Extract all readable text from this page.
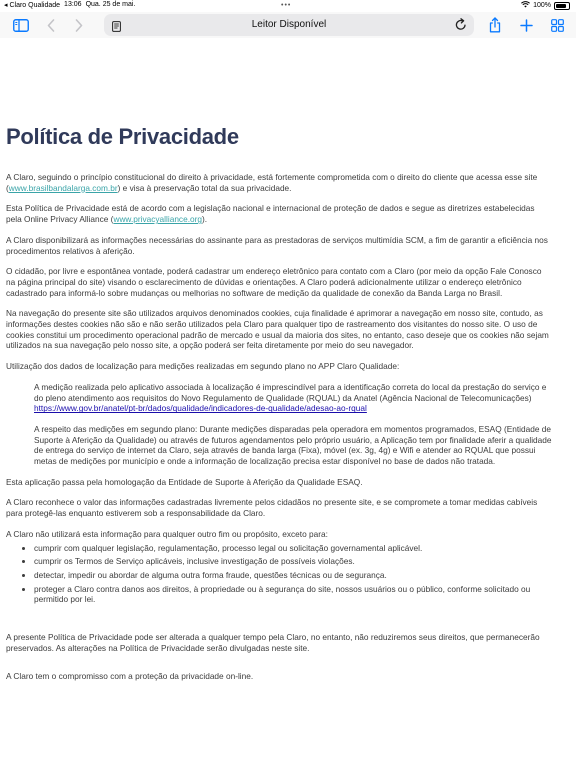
◂ Claro Qualidade 13:06 Qua. 25 de mai.	•••	100%
Leitor Disponível
Política de Privacidade

A Claro, seguindo o princípio constitucional do direito à privacidade, está fortemente comprometida com o direito do cliente que acessa esse site (www.brasilbandalarga.com.br) e visa à preservação total da sua privacidade.

Esta Política de Privacidade está de acordo com a legislação nacional e internacional de proteção de dados e segue as diretrizes estabelecidas pela Online Privacy Alliance (www.privacyalliance.org).

A Claro disponibilizará as informações necessárias do assinante para as prestadoras de serviços multimídia SCM, a fim de garantir a eficiência nos procedimentos relativos à aferição.

O cidadão, por livre e espontânea vontade, poderá cadastrar um endereço eletrônico para contato com a Claro (por meio da opção Fale Conosco na página principal do site) visando o esclarecimento de dúvidas e orientações. A Claro poderá adicionalmente utilizar o endereço eletrônico cadastrado para informá-lo sobre mudanças ou melhorias no software de medição da qualidade de conexão da Banda Larga no Brasil.

Na navegação do presente site são utilizados arquivos denominados cookies, cuja finalidade é aprimorar a navegação em nosso site, contudo, as informações destes cookies não são e não serão utilizados pela Claro para qualquer tipo de rastreamento dos visitantes do nosso site. O uso de cookies constitui um procedimento operacional padrão de mercado e usual da maioria dos sites, no entanto, caso deseje que os cookies não sejam utilizados na sua navegação pelo nosso site, a opção poderá ser feita diretamente por meio do seu navegador.

Utilização dos dados de localização para medições realizadas em segundo plano no APP Claro Qualidade:

A medição realizada pelo aplicativo associada à localização é imprescindível para a identificação correta do local da prestação do serviço e do pleno atendimento aos requisitos do Novo Regulamento de Qualidade (RQUAL) da Anatel (Agência Nacional de Telecomunicações) https://www.gov.br/anatel/pt-br/dados/qualidade/indicadores-de-qualidade/adesao-ao-rqual

A respeito das medições em segundo plano: Durante medições disparadas pela operadora em momentos programados, ESAQ (Entidade de Suporte à Aferição da Qualidade) ou através de futuros agendamentos pelo próprio usuário, a Aplicação tem por finalidade aferir a qualidade de entrega do serviço de internet da Claro, seja através de banda larga (Fixa), móvel (ex. 3g, 4g) e Wifi e atender ao RQUAL que possui metas de medições por município e onde a informação de localização precisa estar disponível no base de dados não tratada.

Esta aplicação passa pela homologação da Entidade de Suporte à Aferição da Qualidade ESAQ.

A Claro reconhece o valor das informações cadastradas livremente pelos cidadãos no presente site, e se compromete a tomar medidas cabíveis para protegê-las enquanto estiverem sob a responsabilidade da Claro.

A Claro não utilizará esta informação para qualquer outro fim ou propósito, exceto para:

• cumprir com qualquer legislação, regulamentação, processo legal ou solicitação governamental aplicável.
• cumprir os Termos de Serviço aplicáveis, inclusive investigação de possíveis violações.
• detectar, impedir ou abordar de alguma outra forma fraude, questões técnicas ou de segurança.
• proteger a Claro contra danos aos direitos, à propriedade ou à segurança do site, nossos usuários ou o público, conforme solicitado ou permitido por lei.

A presente Política de Privacidade pode ser alterada a qualquer tempo pela Claro, no entanto, não reduziremos seus direitos, que permanecerão preservados. As alterações na Política de Privacidade serão divulgadas neste site.

A Claro tem o compromisso com a proteção da privacidade on-line.
